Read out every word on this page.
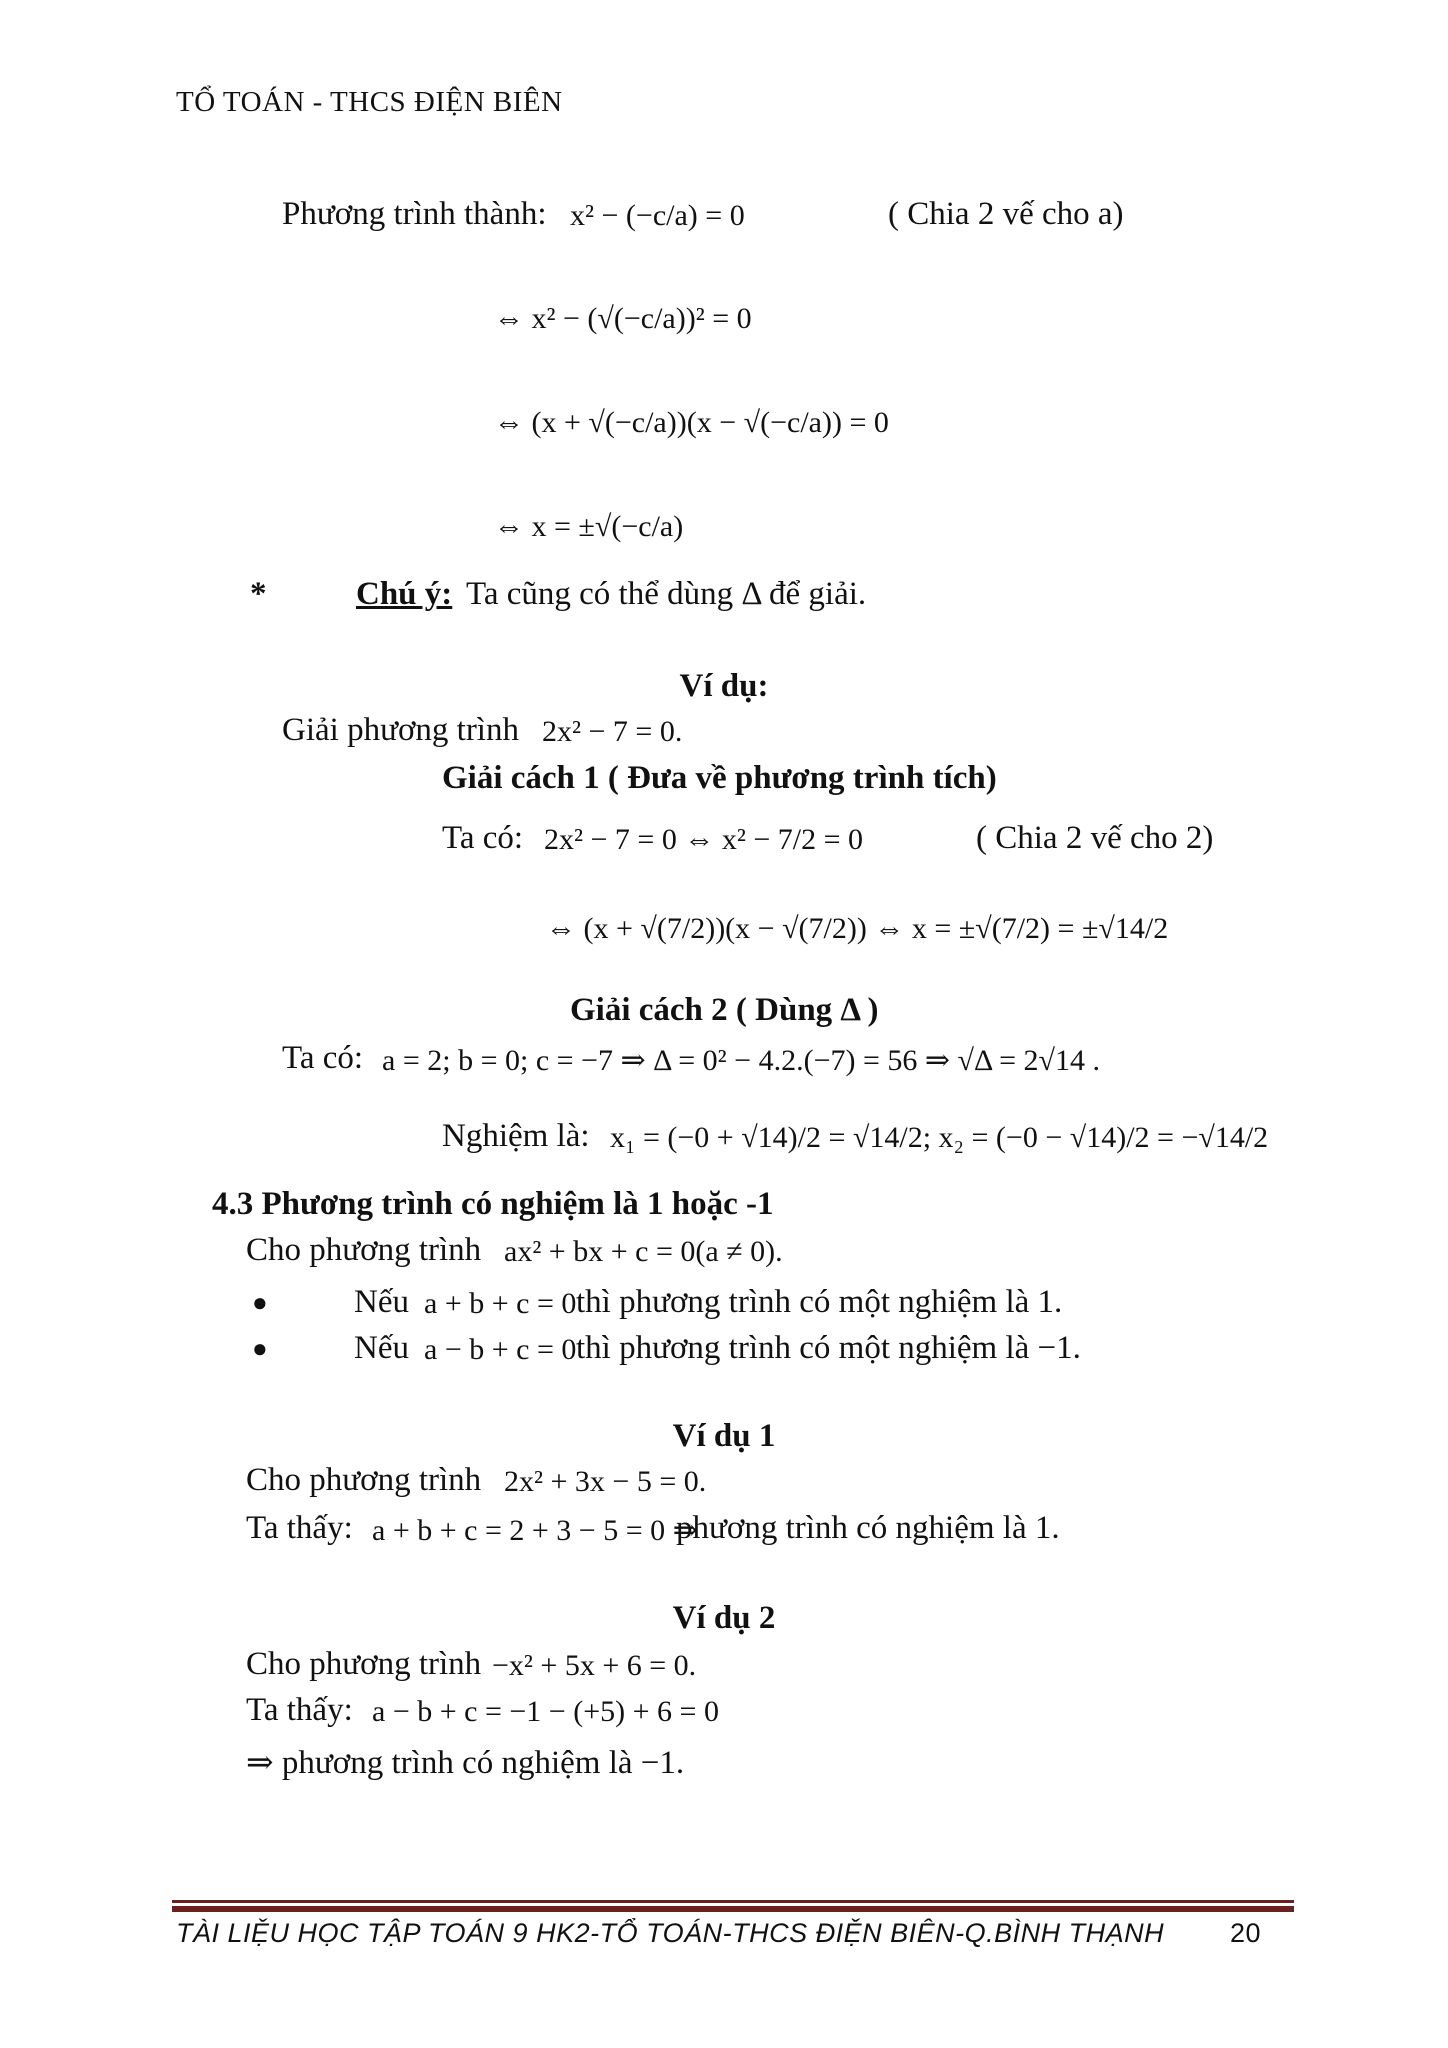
TỔ TOÁN - THCS ĐIỆN BIÊN
Phương trình thành: x² − (−c/a) = 0	( Chia 2 vế cho a)
⇔ x² − (√(−c/a))² = 0
⇔ (x + √(−c/a))(x − √(−c/a)) = 0
⇔ x = ±√(−c/a)
*	Chú ý: Ta cũng có thể dùng Δ để giải.
Ví dụ:
Giải phương trình 2x² − 7 = 0.
Giải cách 1 ( Đưa về phương trình tích)
Ta có: 2x² − 7 = 0 ⇔ x² − 7/2 = 0	( Chia 2 vế cho 2)
⇔ (x + √(7/2))(x − √(7/2)) ⇔ x = ±√(7/2) = ±√14/2
Giải cách 2 ( Dùng Δ )
Ta có: a = 2; b = 0; c = −7 ⇒ Δ = 0² − 4.2.(−7) = 56 ⇒ √Δ = 2√14 .
Nghiệm là: x₁ = (−0 + √14)/2 = √14/2; x₂ = (−0 − √14)/2 = −√14/2
4.3 Phương trình có nghiệm là 1 hoặc -1
Cho phương trình ax² + bx + c = 0(a ≠ 0).
●	Nếu a + b + c = 0 thì phương trình có một nghiệm là 1.
●	Nếu a − b + c = 0 thì phương trình có một nghiệm là −1.
Ví dụ 1
Cho phương trình 2x² + 3x − 5 = 0.
Ta thấy: a + b + c = 2 + 3 − 5 = 0 ⇒
phương trình có nghiệm là 1.
Ví dụ 2
Cho phương trình −x² + 5x + 6 = 0.
Ta thấy: a − b + c = −1 − (+5) + 6 = 0
⇒ phương trình có nghiệm là −1.
TÀI LIỆU HỌC TẬP TOÁN 9 HK2-TỔ TOÁN-THCS ĐIỆN BIÊN-Q.BÌNH THẠNH 20
